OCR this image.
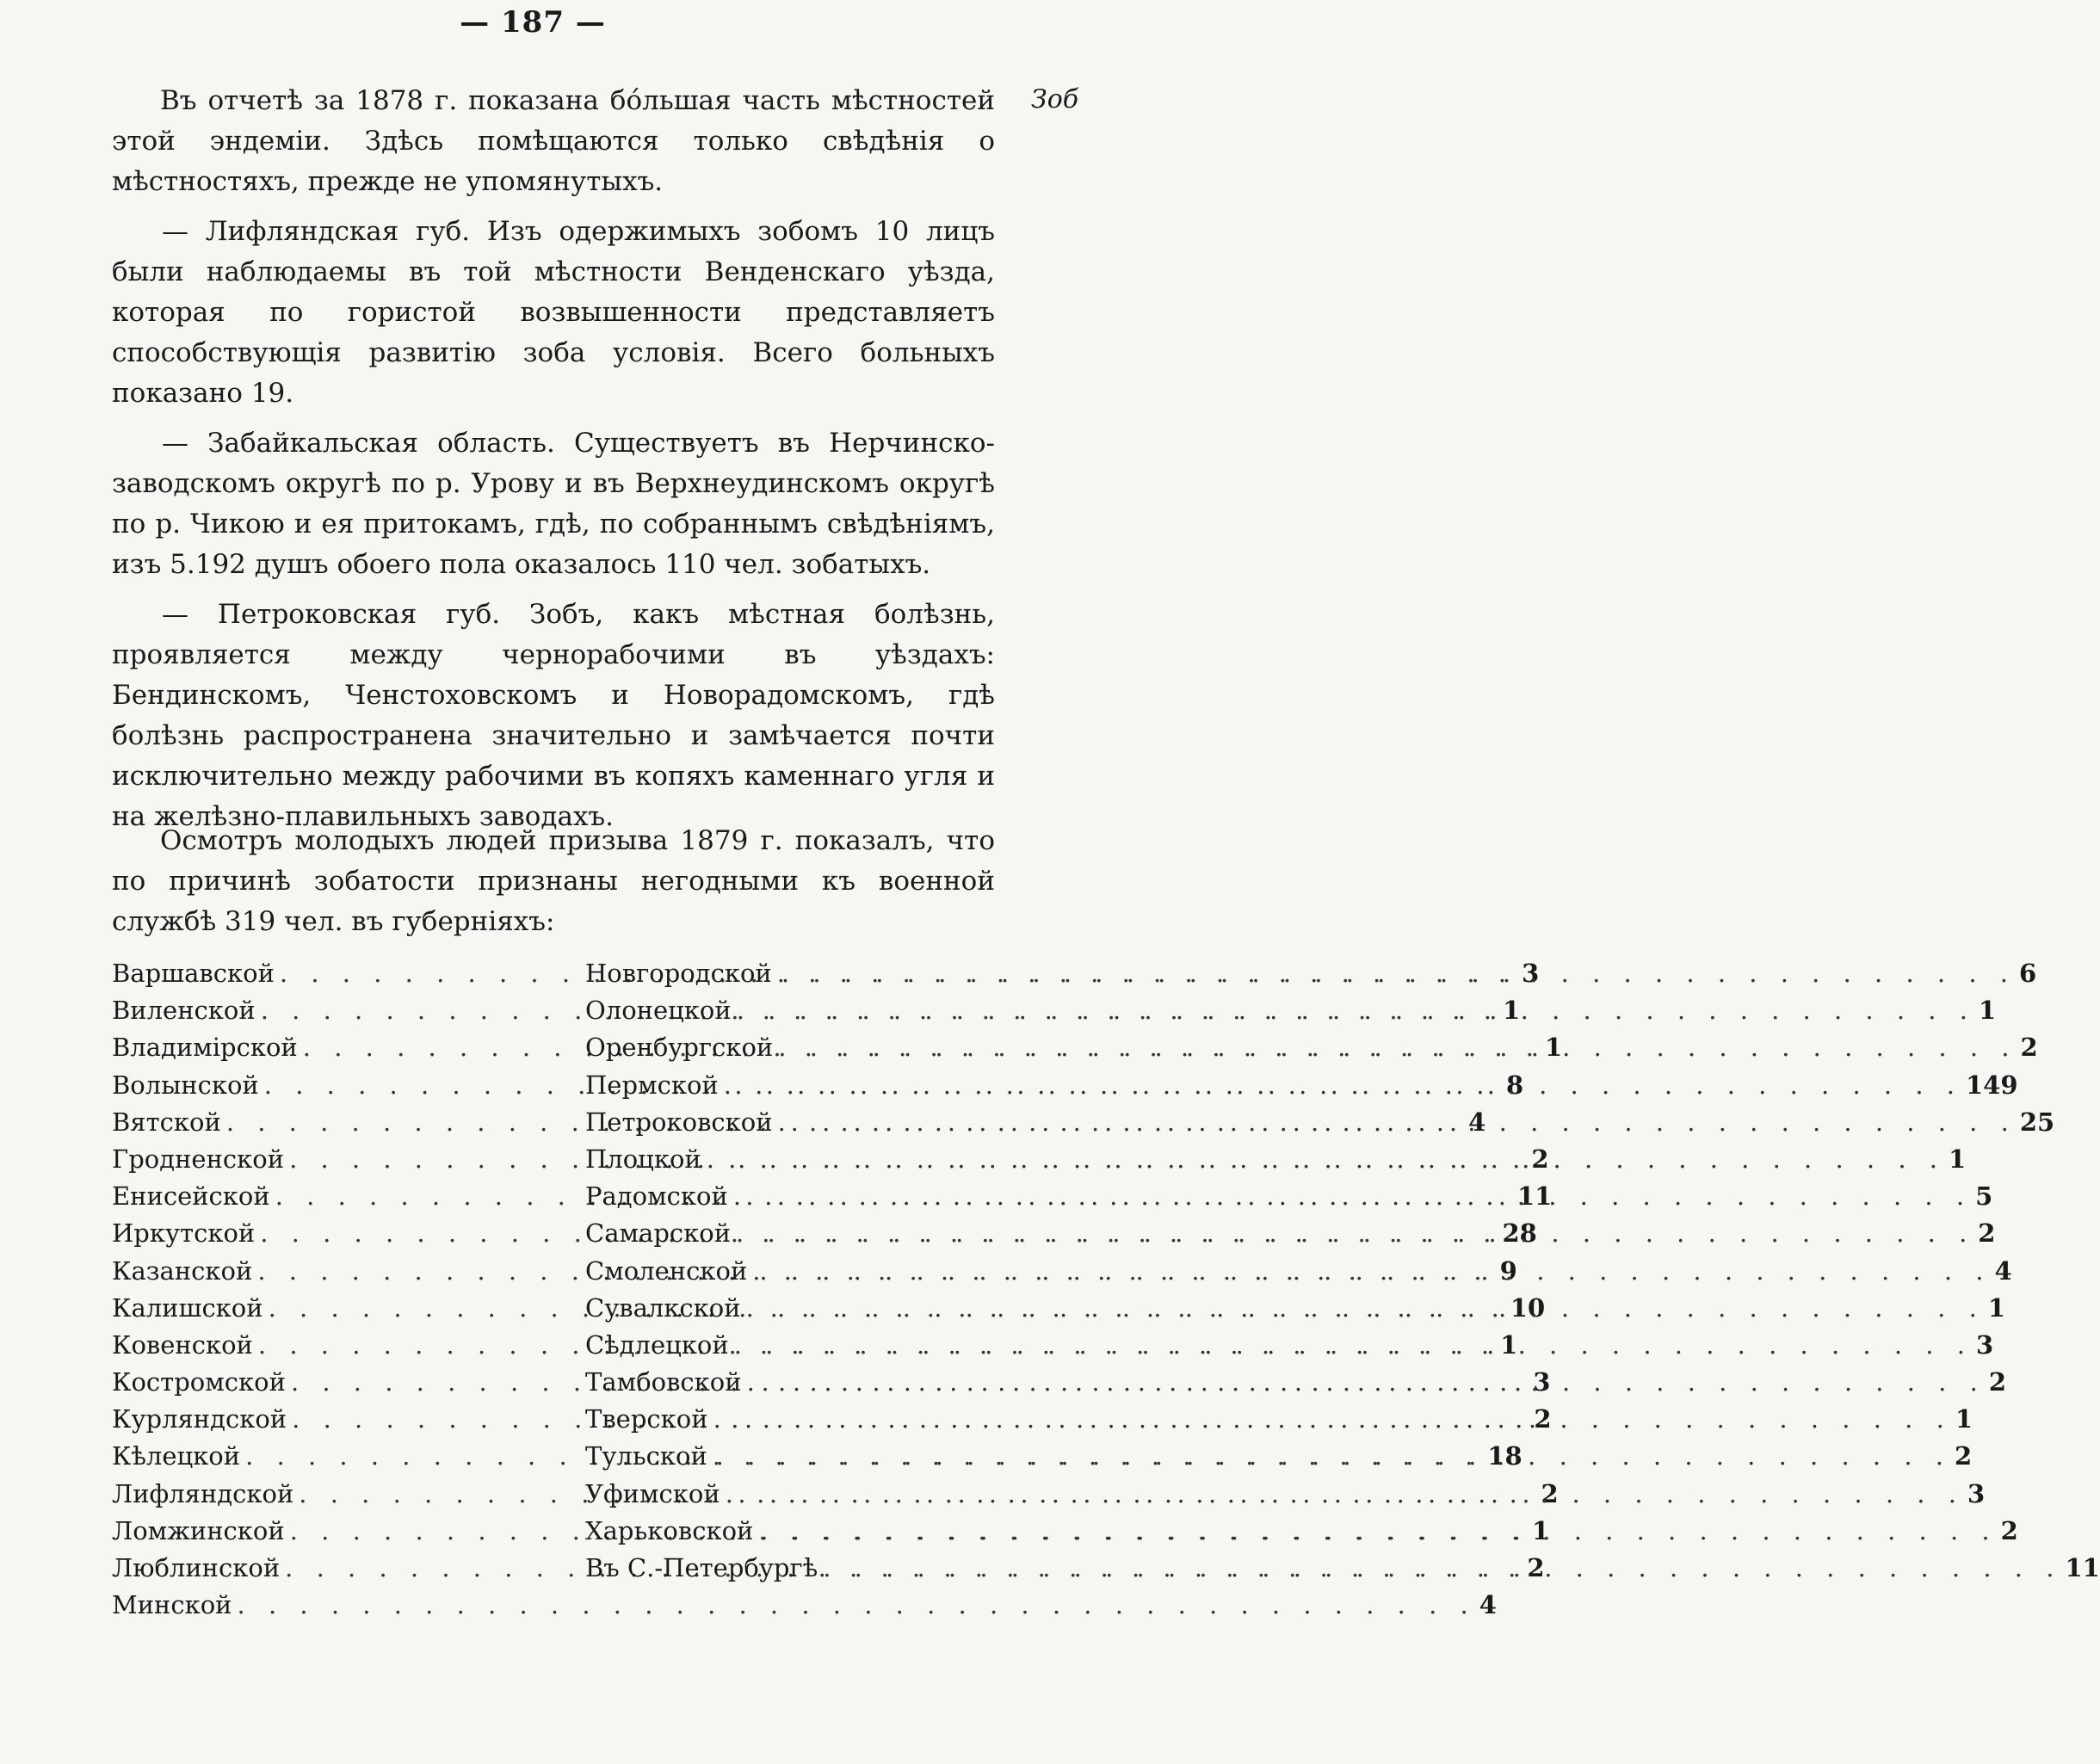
— 187 —
Зоб

Въ отчетѣ за 1878 г. показана бóльшая часть мѣстностей этой эндеміи. Здѣсь помѣщаются только свѣдѣнія о мѣстностяхъ, прежде не упомянутыхъ.

— Лифляндская губ. Изъ одержимыхъ зобомъ 10 лицъ были наблюдаемы въ той мѣстности Венденскаго уѣзда, которая по гористой возвышенности представляетъ способствующія развитію зоба условія. Всего больныхъ показано 19.

— Забайкальская область. Существуетъ въ Нерчинско-заводскомъ округѣ по р. Урову и въ Верхнеудинскомъ округѣ по р. Чикою и ея притокамъ, гдѣ, по собраннымъ свѣдѣніямъ, изъ 5.192 душъ обоего пола оказалось 110 чел. зобатыхъ.

— Петроковская губ. Зобъ, какъ мѣстная болѣзнь, проявляется между чернорабочими въ уѣздахъ: Бендинскомъ, Ченстоховскомъ и Новорадомскомъ, гдѣ болѣзнь распространена значительно и замѣчается почти исключительно между рабочими въ копяхъ каменнаго угля и на желѣзно-плавильныхъ заводахъ.

Осмотръ молодыхъ людей призыва 1879 г. показалъ, что по причинѣ зобатости признаны негодными къ военной службѣ 319 чел. въ губерніяхъ:

Варшавской . . .	3
Виленской . . .	1
Владимірской . . .	1
Волынской . . .	8
Вятской . . .	4
Гродненской . . .	2
Енисейской . . .	11
Иркутской . . .	28
Казанской . . .	9
Калишской . . .	10
Ковенской . . .	1
Костромской . . .	3
Курляндской . . .	2
Кѣлецкой . . .	18
Лифляндской . . .	2
Ломжинской . . .	1
Люблинской . . .	2
Минской . . .	4
Новгородской . . .	6
Олонецкой . . .	1
Оренбургской . . .	2
Пермской . . .	149
Петроковской . . .	25
Плоцкой . . .	1
Радомской . . .	5
Самарской . . .	2
Смоленской . . .	4
Сувалкской . . .	1
Сѣдлецкой . . .	3
Тамбовской . . .	2
Тверской . . .	1
Тульской . . .	2
Уфимской . . .	3
Харьковской . . .	2
Въ С.-Петербургѣ . . .	11
